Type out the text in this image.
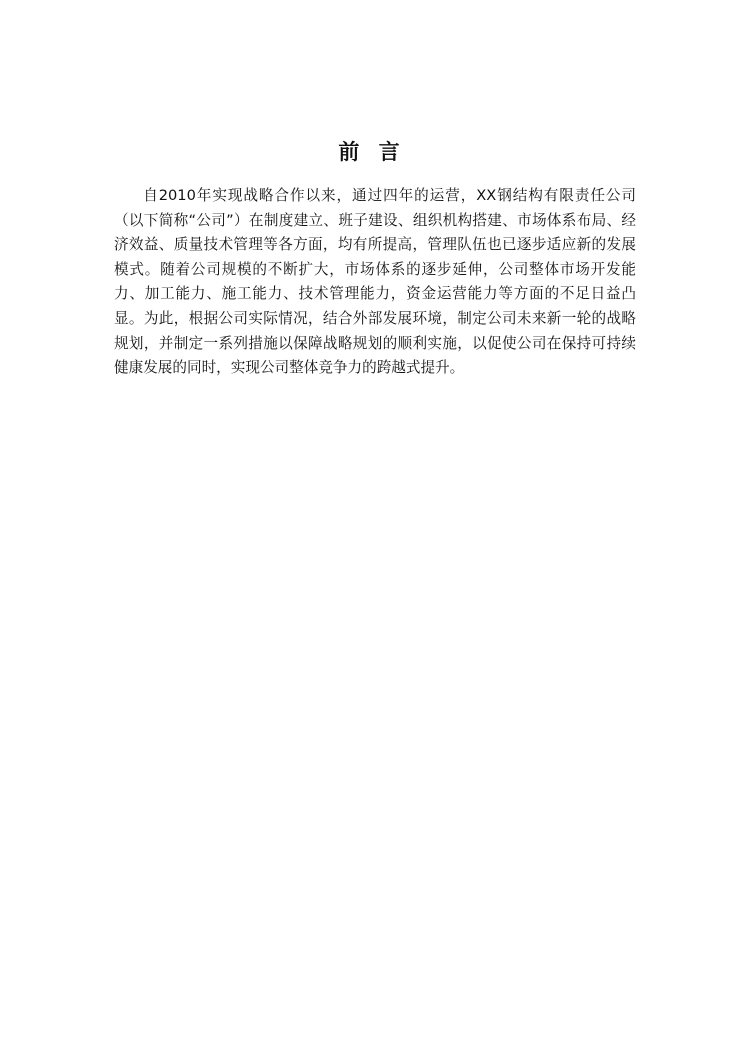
前 言

自2010年实现战略合作以来，通过四年的运营，XX钢结构有限责任公司（以下简称“公司”）在制度建立、班子建设、组织机构搭建、市场体系布局、经济效益、质量技术管理等各方面，均有所提高，管理队伍也已逐步适应新的发展模式。随着公司规模的不断扩大，市场体系的逐步延伸，公司整体市场开发能力、加工能力、施工能力、技术管理能力，资金运营能力等方面的不足日益凸显。为此，根据公司实际情况，结合外部发展环境，制定公司未来新一轮的战略规划，并制定一系列措施以保障战略规划的顺利实施，以促使公司在保持可持续健康发展的同时，实现公司整体竞争力的跨越式提升。
